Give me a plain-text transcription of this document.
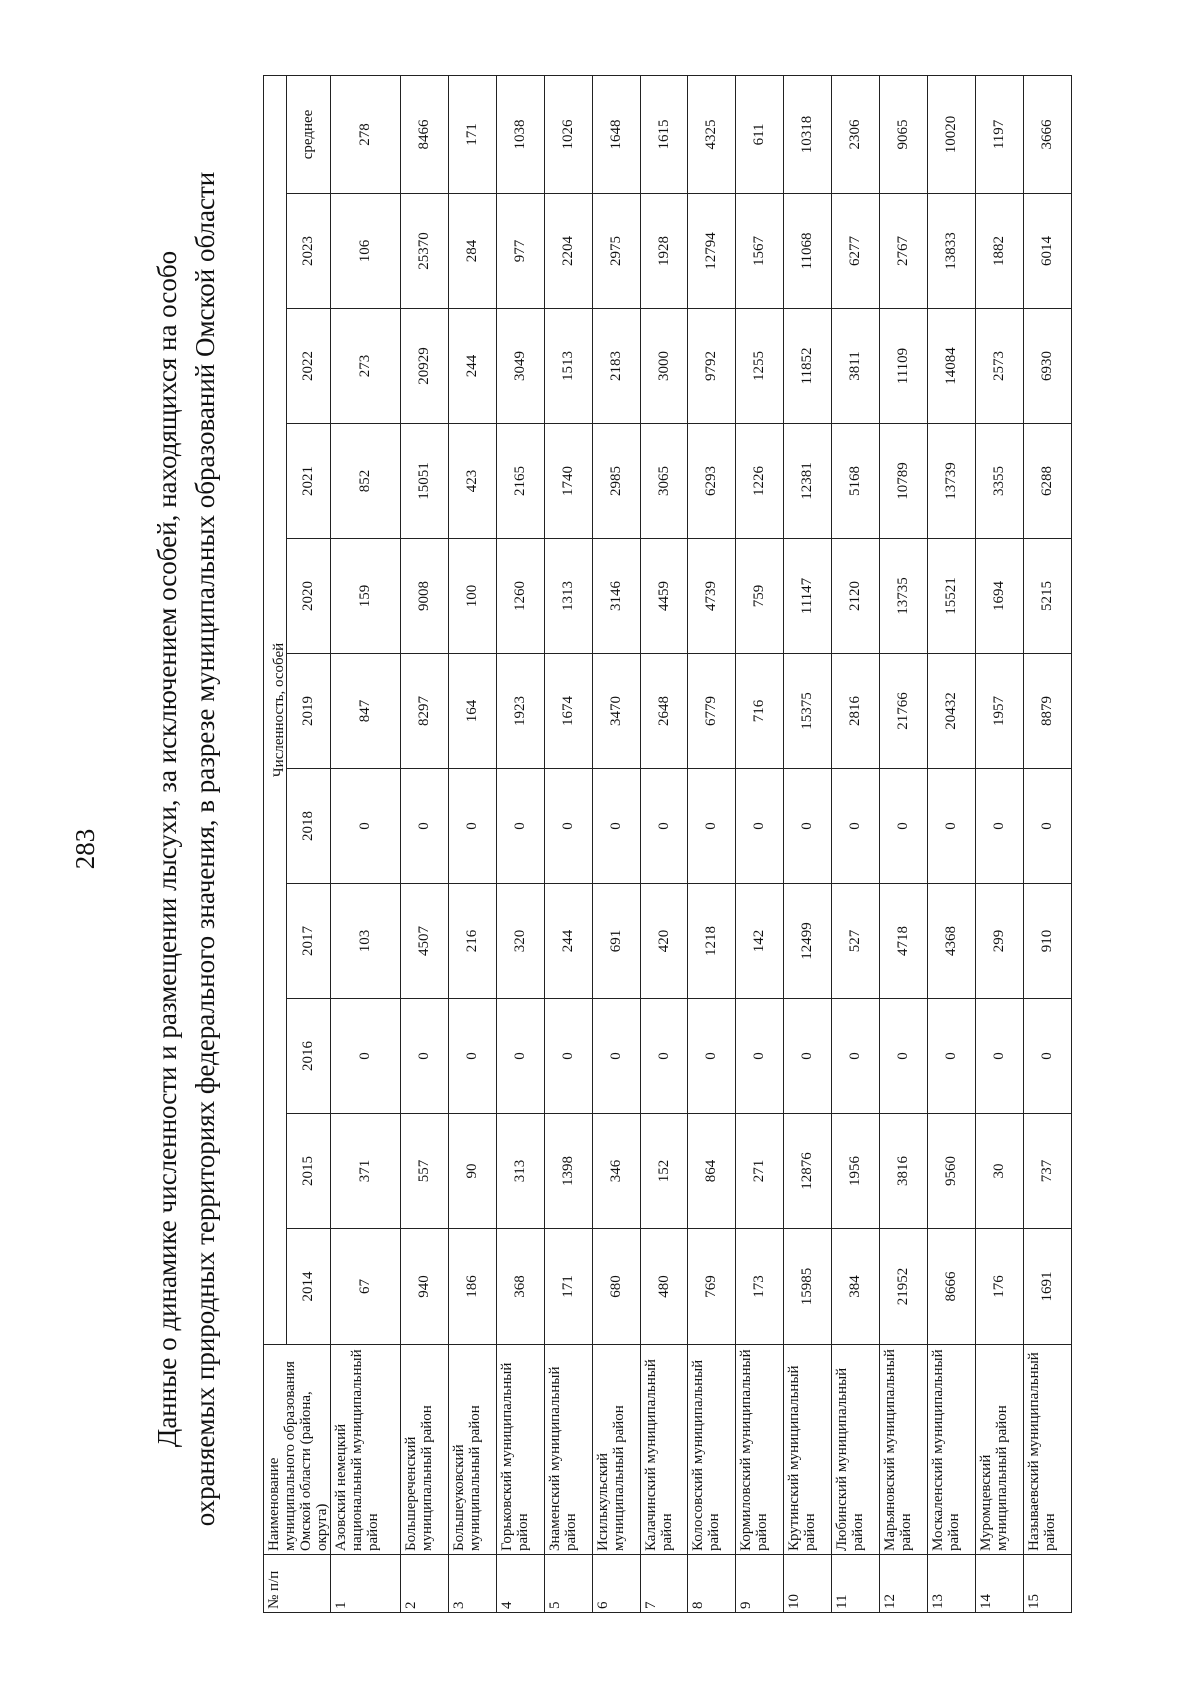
283 Данные о динамике численности и размещении лысухи, за исключением особей, находящихся на особо охраняемых природных территориях федерального значения, в разрезе муниципальных образований Омской области
№ п/п	Наименование муниципального образования Омской области (района, округа)	Численность, особей										
		2014	2015	2016	2017	2018	2019	2020	2021	2022	2023	среднее
1	Азовский немецкий национальный муниципальный район	67	371	0	103	0	847	159	852	273	106	278
2	Большереченский муниципальный район	940	557	0	4507	0	8297	9008	15051	20929	25370	8466
3	Большеуковский муниципальный район	186	90	0	216	0	164	100	423	244	284	171
4	Горьковский муниципальный район	368	313	0	320	0	1923	1260	2165	3049	977	1038
5	Знаменский муниципальный район	171	1398	0	244	0	1674	1313	1740	1513	2204	1026
6	Исилькульский муниципальный район	680	346	0	691	0	3470	3146	2985	2183	2975	1648
7	Калачинский муниципальный район	480	152	0	420	0	2648	4459	3065	3000	1928	1615
8	Колосовский муниципальный район	769	864	0	1218	0	6779	4739	6293	9792	12794	4325
9	Кормиловский муниципальный район	173	271	0	142	0	716	759	1226	1255	1567	611
10	Крутинский муниципальный район	15985	12876	0	12499	0	15375	11147	12381	11852	11068	10318
11	Любинский муниципальный район	384	1956	0	527	0	2816	2120	5168	3811	6277	2306
12	Марьяновский муниципальный район	21952	3816	0	4718	0	21766	13735	10789	11109	2767	9065
13	Москаленский муниципальный район	8666	9560	0	4368	0	20432	15521	13739	14084	13833	10020
14	Муромцевский муниципальный район	176	30	0	299	0	1957	1694	3355	2573	1882	1197
15	Называевский муниципальный район	1691	737	0	910	0	8879	5215	6288	6930	6014	3666
